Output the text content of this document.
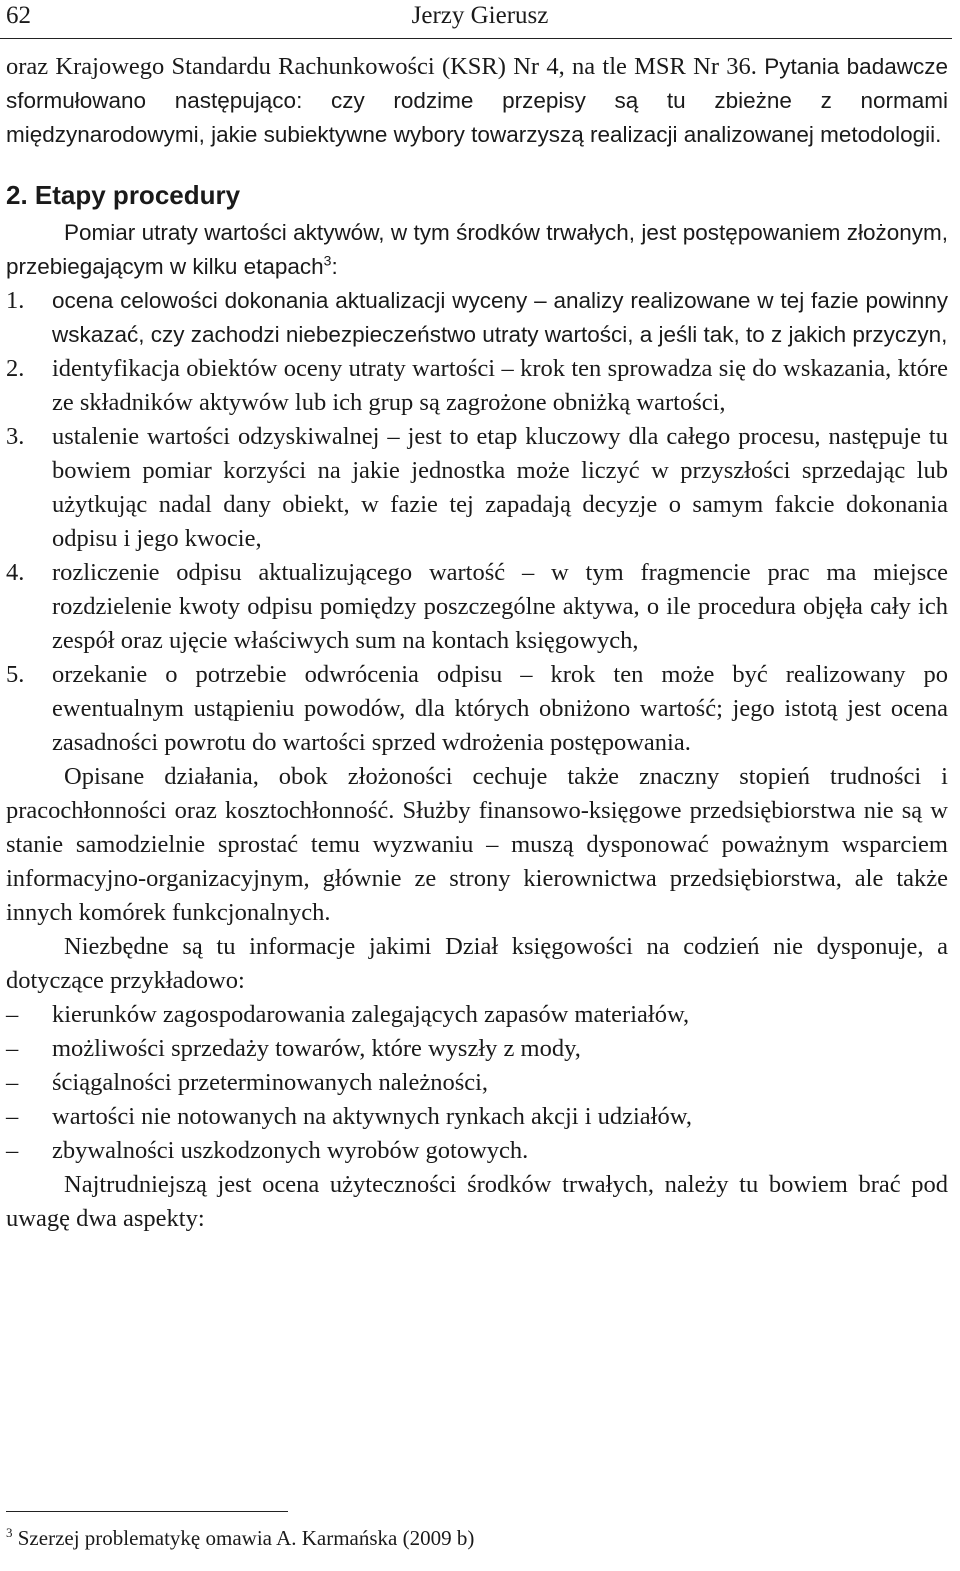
62	Jerzy Gierusz

oraz Krajowego Standardu Rachunkowości (KSR) Nr 4, na tle MSR Nr 36. Pytania badawcze sformułowano następująco: czy rodzime przepisy są tu zbieżne z normami międzynarodowymi, jakie subiektywne wybory towarzyszą realizacji analizowanej metodologii.

2. Etapy procedury

Pomiar utraty wartości aktywów, w tym środków trwałych, jest postępowaniem złożonym, przebiegającym w kilku etapach$^3$:

1.	ocena celowości dokonania aktualizacji wyceny – analizy realizowane w tej fazie powinny wskazać, czy zachodzi niebezpieczeństwo utraty wartości, a jeśli tak, to z jakich przyczyn,
2.	identyfikacja obiektów oceny utraty wartości – krok ten sprowadza się do wskazania, które ze składników aktywów lub ich grup są zagrożone obniżką wartości,
3.	ustalenie wartości odzyskiwalnej – jest to etap kluczowy dla całego procesu, następuje tu bowiem pomiar korzyści na jakie jednostka może liczyć w przyszłości sprzedając lub użytkując nadal dany obiekt, w fazie tej zapadają decyzje o samym fakcie dokonania odpisu i jego kwocie,
4.	rozliczenie odpisu aktualizującego wartość – w tym fragmencie prac ma miejsce rozdzielenie kwoty odpisu pomiędzy poszczególne aktywa, o ile procedura objęła cały ich zespół oraz ujęcie właściwych sum na kontach księgowych,
5.	orzekanie o potrzebie odwrócenia odpisu – krok ten może być realizowany po ewentualnym ustąpieniu powodów, dla których obniżono wartość; jego istotą jest ocena zasadności powrotu do wartości sprzed wdrożenia postępowania.

Opisane działania, obok złożoności cechuje także znaczny stopień trudności i pracochłonności oraz kosztochłonność. Służby finansowo-księgowe przedsiębiorstwa nie są w stanie samodzielnie sprostać temu wyzwaniu – muszą dysponować poważnym wsparciem informacyjno-organizacyjnym, głównie ze strony kierownictwa przedsiębiorstwa, ale także innych komórek funkcjonalnych.

Niezbędne są tu informacje jakimi Dział księgowości na codzień nie dysponuje, a dotyczące przykładowo:

–	kierunków zagospodarowania zalegających zapasów materiałów,
–	możliwości sprzedaży towarów, które wyszły z mody,
–	ściągalności przeterminowanych należności,
–	wartości nie notowanych na aktywnych rynkach akcji i udziałów,
–	zbywalności uszkodzonych wyrobów gotowych.

Najtrudniejszą jest ocena użyteczności środków trwałych, należy tu bowiem brać pod uwagę dwa aspekty:

$^3$ Szerzej problematykę omawia A. Karmańska (2009 b)
